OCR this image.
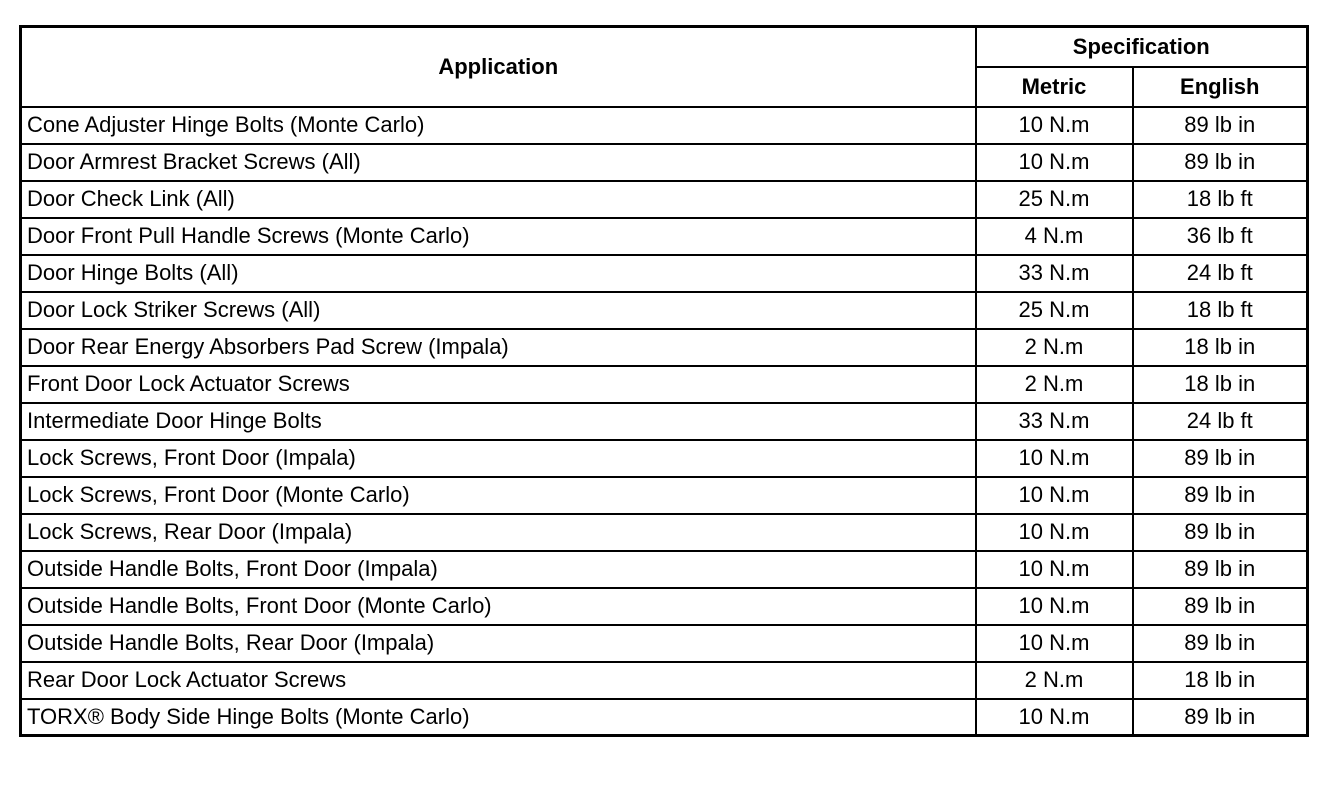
Application	Specification	
	Metric	English
Cone Adjuster Hinge Bolts (Monte Carlo)	10 N.m	89 lb in
Door Armrest Bracket Screws (All)	10 N.m	89 lb in
Door Check Link (All)	25 N.m	18 lb ft
Door Front Pull Handle Screws (Monte Carlo)	4 N.m	36 lb ft
Door Hinge Bolts (All)	33 N.m	24 lb ft
Door Lock Striker Screws (All)	25 N.m	18 lb ft
Door Rear Energy Absorbers Pad Screw (Impala)	2 N.m	18 lb in
Front Door Lock Actuator Screws	2 N.m	18 lb in
Intermediate Door Hinge Bolts	33 N.m	24 lb ft
Lock Screws, Front Door (Impala)	10 N.m	89 lb in
Lock Screws, Front Door (Monte Carlo)	10 N.m	89 lb in
Lock Screws, Rear Door (Impala)	10 N.m	89 lb in
Outside Handle Bolts, Front Door (Impala)	10 N.m	89 lb in
Outside Handle Bolts, Front Door (Monte Carlo)	10 N.m	89 lb in
Outside Handle Bolts, Rear Door (Impala)	10 N.m	89 lb in
Rear Door Lock Actuator Screws	2 N.m	18 lb in
TORX® Body Side Hinge Bolts (Monte Carlo)	10 N.m	89 lb in
